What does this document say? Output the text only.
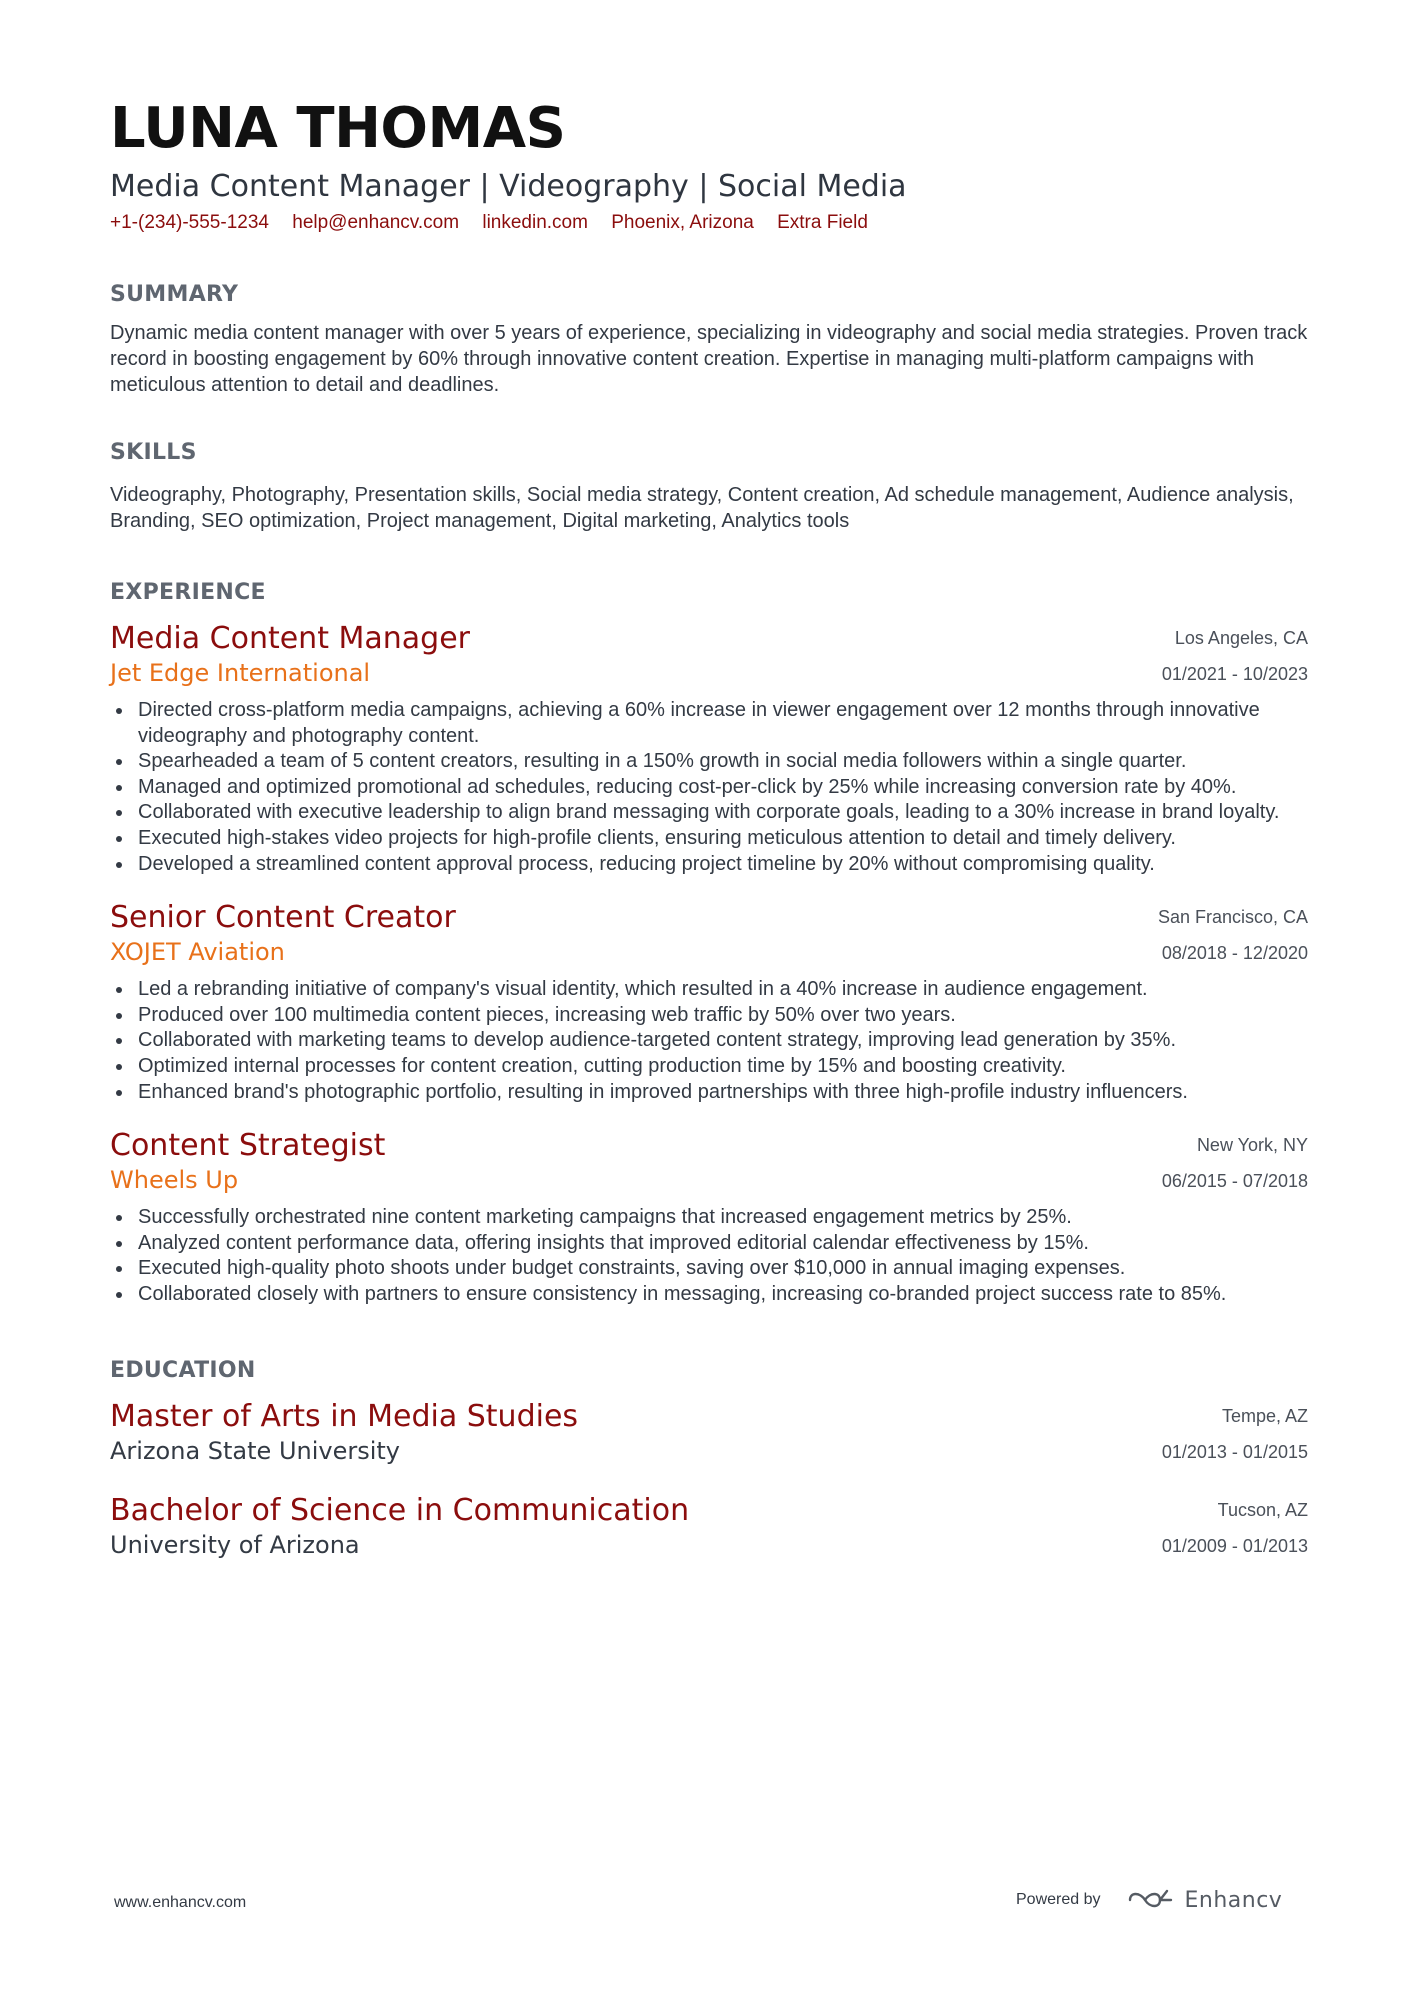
LUNA THOMAS
Media Content Manager | Videography | Social Media
+1-(234)-555-1234 help@enhancv.com linkedin.com Phoenix, Arizona Extra Field
SUMMARY
Dynamic media content manager with over 5 years of experience, specializing in videography and social media strategies. Proven track record in boosting engagement by 60% through innovative content creation. Expertise in managing multi-platform campaigns with meticulous attention to detail and deadlines.
SKILLS
Videography, Photography, Presentation skills, Social media strategy, Content creation, Ad schedule management, Audience analysis, Branding, SEO optimization, Project management, Digital marketing, Analytics tools
EXPERIENCE
Media Content Manager
Jet Edge International
Los Angeles, CA
01/2021 - 10/2023
Directed cross-platform media campaigns, achieving a 60% increase in viewer engagement over 12 months through innovative videography and photography content.
Spearheaded a team of 5 content creators, resulting in a 150% growth in social media followers within a single quarter.
Managed and optimized promotional ad schedules, reducing cost-per-click by 25% while increasing conversion rate by 40%.
Collaborated with executive leadership to align brand messaging with corporate goals, leading to a 30% increase in brand loyalty.
Executed high-stakes video projects for high-profile clients, ensuring meticulous attention to detail and timely delivery.
Developed a streamlined content approval process, reducing project timeline by 20% without compromising quality.
Senior Content Creator
XOJET Aviation
San Francisco, CA
08/2018 - 12/2020
Led a rebranding initiative of company's visual identity, which resulted in a 40% increase in audience engagement.
Produced over 100 multimedia content pieces, increasing web traffic by 50% over two years.
Collaborated with marketing teams to develop audience-targeted content strategy, improving lead generation by 35%.
Optimized internal processes for content creation, cutting production time by 15% and boosting creativity.
Enhanced brand's photographic portfolio, resulting in improved partnerships with three high-profile industry influencers.
Content Strategist
Wheels Up
New York, NY
06/2015 - 07/2018
Successfully orchestrated nine content marketing campaigns that increased engagement metrics by 25%.
Analyzed content performance data, offering insights that improved editorial calendar effectiveness by 15%.
Executed high-quality photo shoots under budget constraints, saving over $10,000 in annual imaging expenses.
Collaborated closely with partners to ensure consistency in messaging, increasing co-branded project success rate to 85%.
EDUCATION
Master of Arts in Media Studies
Arizona State University
Tempe, AZ
01/2013 - 01/2015
Bachelor of Science in Communication
University of Arizona
Tucson, AZ
01/2009 - 01/2013
www.enhancv.com	Powered by	Enhancv
